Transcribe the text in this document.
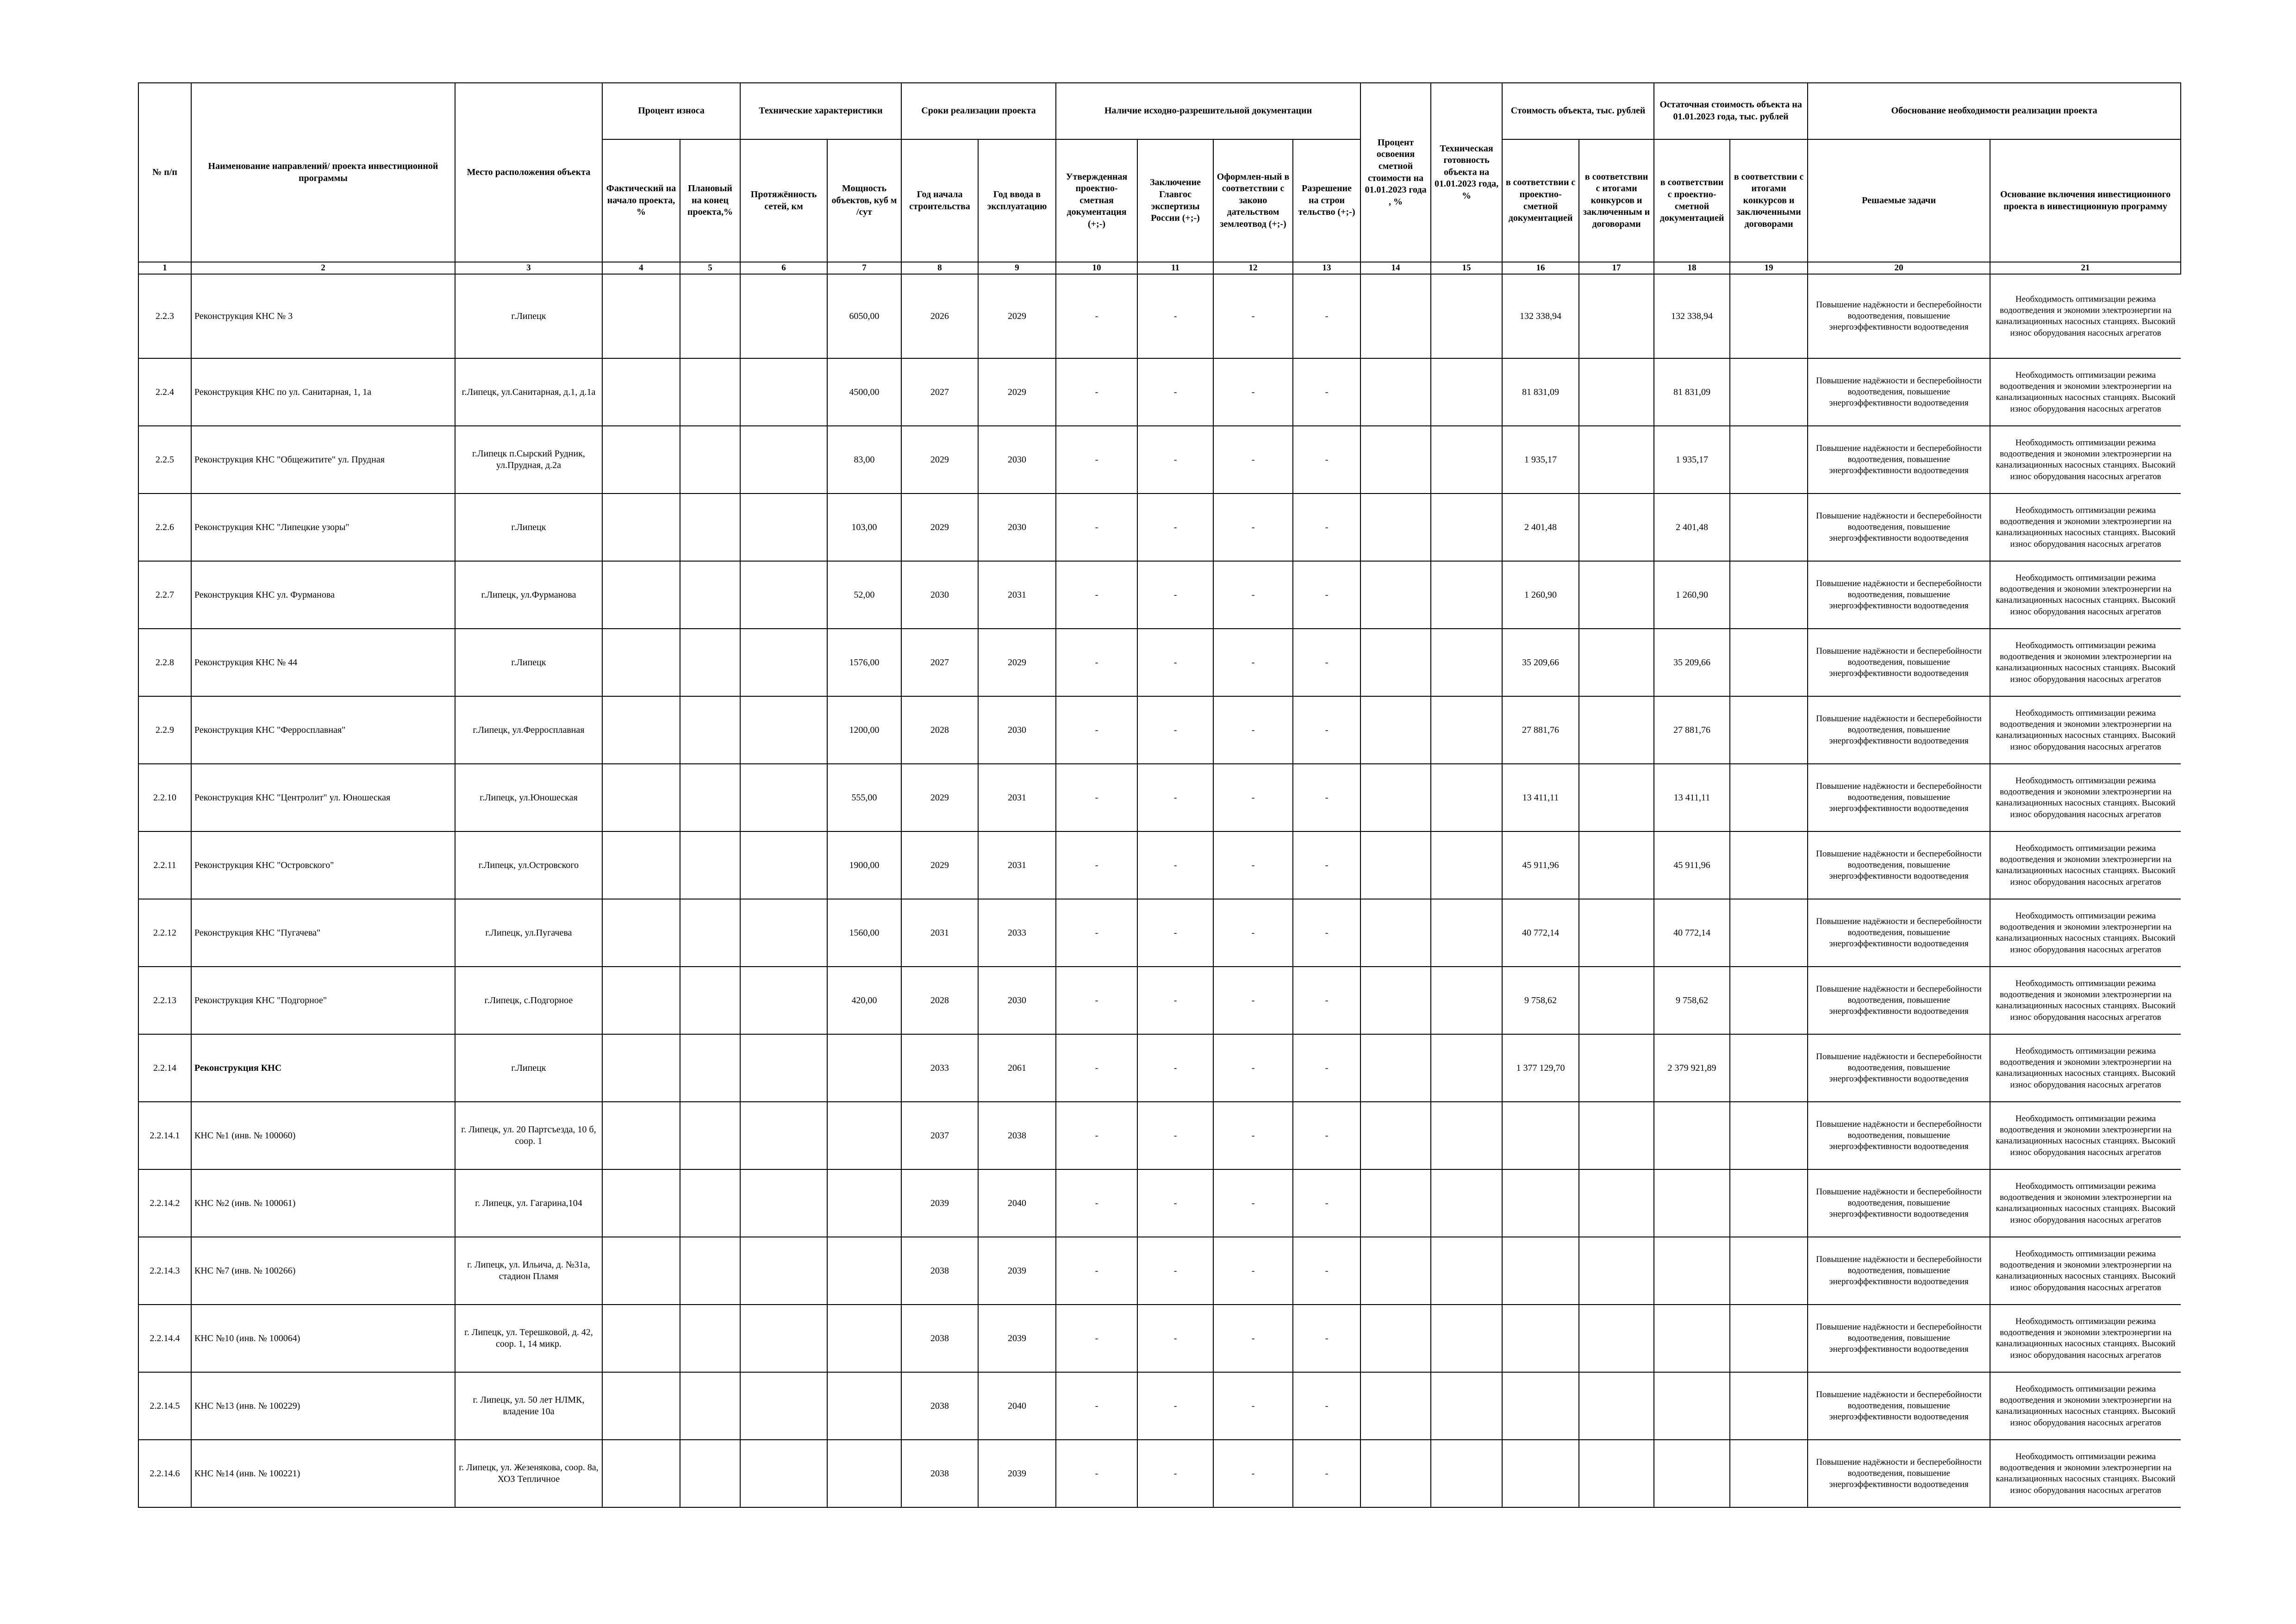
№ п/п	Наименование направлений/ проекта инвестиционной программы	Место расположения объекта	Процент износа		Технические характеристики		Сроки реализации проекта		Наличие исходно-разрешительной документации				Процент освоения сметной стоимости на 01.01.2023 года , %	Техническая готовность объекта на 01.01.2023 года, %	Стоимость объекта, тыс. рублей		Остаточная стоимость объекта на 01.01.2023 года, тыс. рублей		Обоснование необходимости реализации проекта	
			Фактический на начало проекта, %	Плановый на конец проекта,%	Протяжённость сетей, км	Мощность объектов, куб м /сут	Год начала строительства	Год ввода в эксплуатацию	Утвержденная проектно-сметная документация (+;-)	Заключение Главгос экспертизы России (+;-)	Оформлен-ный в соответствии с законо дательством землеотвод (+;-)	Разрешение на строи тельство (+;-)			в соответствии с проектно-сметной документацией	в соответствии с итогами конкурсов и заключенным и договорами	в соответствии с проектно-сметной документацией	в соответствии с итогами конкурсов и заключенными договорами	Решаемые задачи	Основание включения инвестиционного проекта в инвестиционную программу
1	2	3	4	5	6	7	8	9	10	11	12	13	14	15	16	17	18	19	20	21
2.2.3	Реконструкция КНС № 3	г.Липецк				6050,00	2026	2029	-	-	-	-			132 338,94		132 338,94		Повышение надёжности и бесперебойности водоотведения, повышение энергоэффективности водоотведения	Необходимость оптимизации режима водоотведения и экономии электроэнергии на канализационных насосных станциях. Высокий износ оборудования насосных агрегатов
2.2.4	Реконструкция КНС по ул. Санитарная, 1, 1а	г.Липецк, ул.Санитарная, д.1, д.1а				4500,00	2027	2029	-	-	-	-			81 831,09		81 831,09		Повышение надёжности и бесперебойности водоотведения, повышение энергоэффективности водоотведения	Необходимость оптимизации режима водоотведения и экономии электроэнергии на канализационных насосных станциях. Высокий износ оборудования насосных агрегатов
2.2.5	Реконструкция КНС "Общежитите" ул. Прудная	г.Липецк п.Сырский Рудник, ул.Прудная, д.2а				83,00	2029	2030	-	-	-	-			1 935,17		1 935,17		Повышение надёжности и бесперебойности водоотведения, повышение энергоэффективности водоотведения	Необходимость оптимизации режима водоотведения и экономии электроэнергии на канализационных насосных станциях. Высокий износ оборудования насосных агрегатов
2.2.6	Реконструкция КНС "Липецкие узоры"	г.Липецк				103,00	2029	2030	-	-	-	-			2 401,48		2 401,48		Повышение надёжности и бесперебойности водоотведения, повышение энергоэффективности водоотведения	Необходимость оптимизации режима водоотведения и экономии электроэнергии на канализационных насосных станциях. Высокий износ оборудования насосных агрегатов
2.2.7	Реконструкция КНС ул. Фурманова	г.Липецк, ул.Фурманова				52,00	2030	2031	-	-	-	-			1 260,90		1 260,90		Повышение надёжности и бесперебойности водоотведения, повышение энергоэффективности водоотведения	Необходимость оптимизации режима водоотведения и экономии электроэнергии на канализационных насосных станциях. Высокий износ оборудования насосных агрегатов
2.2.8	Реконструкция КНС № 44	г.Липецк				1576,00	2027	2029	-	-	-	-			35 209,66		35 209,66		Повышение надёжности и бесперебойности водоотведения, повышение энергоэффективности водоотведения	Необходимость оптимизации режима водоотведения и экономии электроэнергии на канализационных насосных станциях. Высокий износ оборудования насосных агрегатов
2.2.9	Реконструкция КНС "Ферросплавная"	г.Липецк, ул.Ферросплавная				1200,00	2028	2030	-	-	-	-			27 881,76		27 881,76		Повышение надёжности и бесперебойности водоотведения, повышение энергоэффективности водоотведения	Необходимость оптимизации режима водоотведения и экономии электроэнергии на канализационных насосных станциях. Высокий износ оборудования насосных агрегатов
2.2.10	Реконструкция КНС "Центролит" ул. Юношеская	г.Липецк, ул.Юношеская				555,00	2029	2031	-	-	-	-			13 411,11		13 411,11		Повышение надёжности и бесперебойности водоотведения, повышение энергоэффективности водоотведения	Необходимость оптимизации режима водоотведения и экономии электроэнергии на канализационных насосных станциях. Высокий износ оборудования насосных агрегатов
2.2.11	Реконструкция КНС "Островского"	г.Липецк, ул.Островского				1900,00	2029	2031	-	-	-	-			45 911,96		45 911,96		Повышение надёжности и бесперебойности водоотведения, повышение энергоэффективности водоотведения	Необходимость оптимизации режима водоотведения и экономии электроэнергии на канализационных насосных станциях. Высокий износ оборудования насосных агрегатов
2.2.12	Реконструкция КНС "Пугачева"	г.Липецк, ул.Пугачева				1560,00	2031	2033	-	-	-	-			40 772,14		40 772,14		Повышение надёжности и бесперебойности водоотведения, повышение энергоэффективности водоотведения	Необходимость оптимизации режима водоотведения и экономии электроэнергии на канализационных насосных станциях. Высокий износ оборудования насосных агрегатов
2.2.13	Реконструкция КНС "Подгорное"	г.Липецк, с.Подгорное				420,00	2028	2030	-	-	-	-			9 758,62		9 758,62		Повышение надёжности и бесперебойности водоотведения, повышение энергоэффективности водоотведения	Необходимость оптимизации режима водоотведения и экономии электроэнергии на канализационных насосных станциях. Высокий износ оборудования насосных агрегатов
2.2.14	Реконструкция КНС	г.Липецк					2033	2061	-	-	-	-			1 377 129,70		2 379 921,89		Повышение надёжности и бесперебойности водоотведения, повышение энергоэффективности водоотведения	Необходимость оптимизации режима водоотведения и экономии электроэнергии на канализационных насосных станциях. Высокий износ оборудования насосных агрегатов
2.2.14.1	КНС №1 (инв. № 100060)	г. Липецк, ул. 20 Партсъезда, 10 б, соор. 1					2037	2038	-	-	-	-							Повышение надёжности и бесперебойности водоотведения, повышение энергоэффективности водоотведения	Необходимость оптимизации режима водоотведения и экономии электроэнергии на канализационных насосных станциях. Высокий износ оборудования насосных агрегатов
2.2.14.2	КНС №2 (инв. № 100061)	г. Липецк, ул. Гагарина,104					2039	2040	-	-	-	-							Повышение надёжности и бесперебойности водоотведения, повышение энергоэффективности водоотведения	Необходимость оптимизации режима водоотведения и экономии электроэнергии на канализационных насосных станциях. Высокий износ оборудования насосных агрегатов
2.2.14.3	КНС №7 (инв. № 100266)	г. Липецк, ул. Ильича, д. №31а, стадион Пламя					2038	2039	-	-	-	-							Повышение надёжности и бесперебойности водоотведения, повышение энергоэффективности водоотведения	Необходимость оптимизации режима водоотведения и экономии электроэнергии на канализационных насосных станциях. Высокий износ оборудования насосных агрегатов
2.2.14.4	КНС №10 (инв. № 100064)	г. Липецк, ул. Терешковой, д. 42, соор. 1, 14 микр.					2038	2039	-	-	-	-							Повышение надёжности и бесперебойности водоотведения, повышение энергоэффективности водоотведения	Необходимость оптимизации режима водоотведения и экономии электроэнергии на канализационных насосных станциях. Высокий износ оборудования насосных агрегатов
2.2.14.5	КНС №13 (инв. № 100229)	г. Липецк, ул. 50 лет НЛМК, владение 10а					2038	2040	-	-	-	-							Повышение надёжности и бесперебойности водоотведения, повышение энергоэффективности водоотведения	Необходимость оптимизации режима водоотведения и экономии электроэнергии на канализационных насосных станциях. Высокий износ оборудования насосных агрегатов
2.2.14.6	КНС №14 (инв. № 100221)	г. Липецк, ул. Жезенякова, соор. 8а, ХОЗ Тепличное					2038	2039	-	-	-	-							Повышение надёжности и бесперебойности водоотведения, повышение энергоэффективности водоотведения	Необходимость оптимизации режима водоотведения и экономии электроэнергии на канализационных насосных станциях. Высокий износ оборудования насосных агрегатов
